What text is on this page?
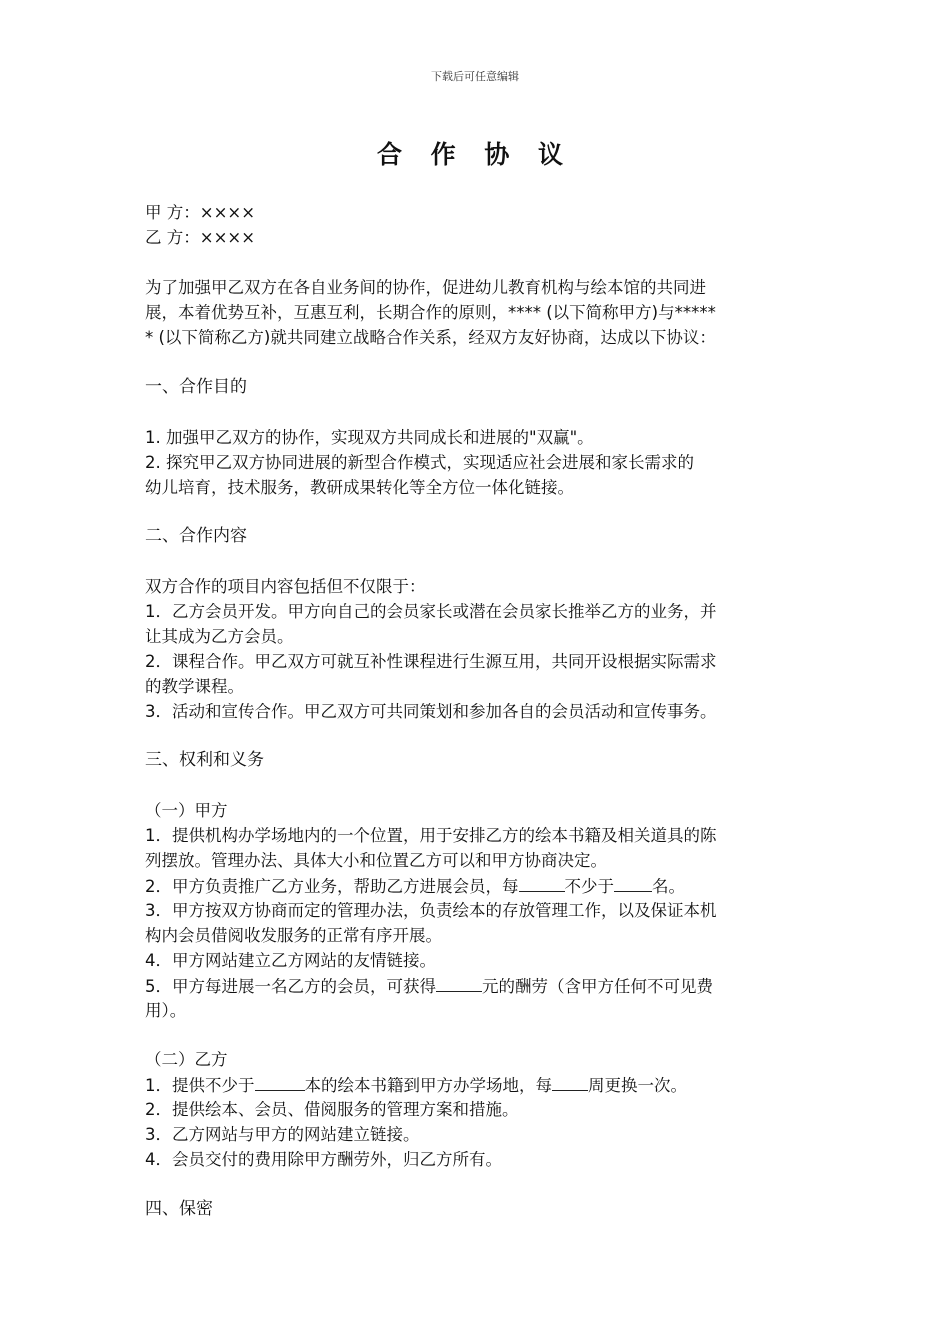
下载后可任意编辑
合 作 协 议
甲 方：××××
乙 方：××××
为了加强甲乙双方在各自业务间的协作，促进幼儿教育机构与绘本馆的共同进
展，本着优势互补，互惠互利，长期合作的原则，**** (以下简称甲方)与*****
* (以下简称乙方)就共同建立战略合作关系，经双方友好协商，达成以下协议：
一、合作目的
1. 加强甲乙双方的协作，实现双方共同成长和进展的"双赢"。
2. 探究甲乙双方协同进展的新型合作模式，实现适应社会进展和家长需求的
幼儿培育，技术服务，教研成果转化等全方位一体化链接。
二、合作内容
双方合作的项目内容包括但不仅限于：
1．乙方会员开发。甲方向自己的会员家长或潜在会员家长推举乙方的业务，并
让其成为乙方会员。
2．课程合作。甲乙双方可就互补性课程进行生源互用，共同开设根据实际需求
的教学课程。
3．活动和宣传合作。甲乙双方可共同策划和参加各自的会员活动和宣传事务。
三、权利和义务
（一）甲方
1．提供机构办学场地内的一个位置，用于安排乙方的绘本书籍及相关道具的陈
列摆放。管理办法、具体大小和位置乙方可以和甲方协商决定。
2．甲方负责推广乙方业务，帮助乙方进展会员，每	不少于 名。
3．甲方按双方协商而定的管理办法，负责绘本的存放管理工作，以及保证本机
构内会员借阅收发服务的正常有序开展。
4．甲方网站建立乙方网站的友情链接。
5．甲方每进展一名乙方的会员，可获得	元的酬劳（含甲方任何不可见费
用）。
（二）乙方
1．提供不少于	本的绘本书籍到甲方办学场地，每 周更换一次。
2．提供绘本、会员、借阅服务的管理方案和措施。
3．乙方网站与甲方的网站建立链接。
4．会员交付的费用除甲方酬劳外，归乙方所有。
四、保密
